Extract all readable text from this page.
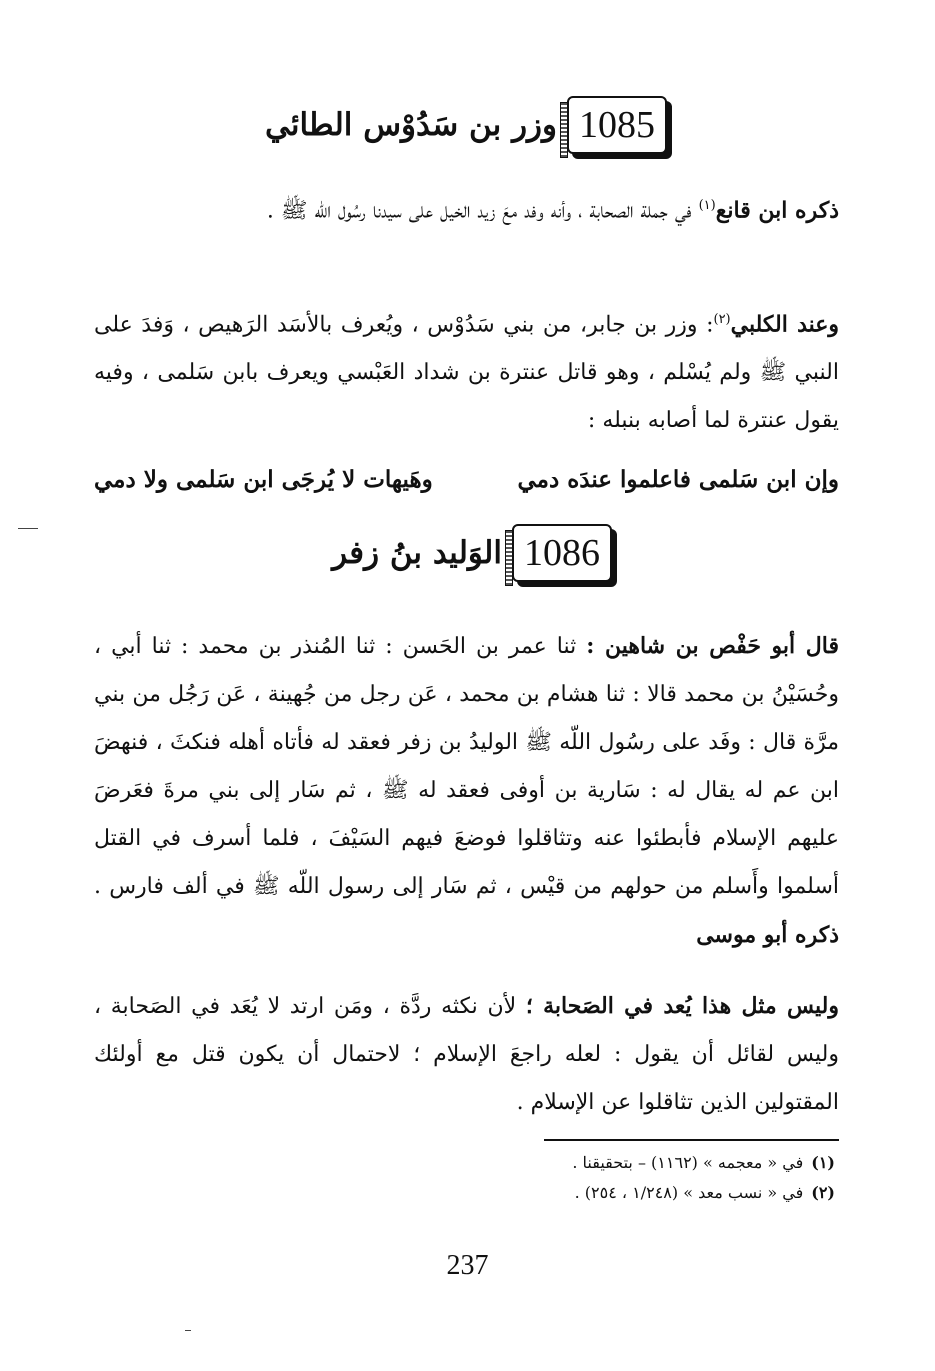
1085
وزر بن سَدُوْس الطائي
ذكره ابن قانع$^{(١)}$ في جملة الصحابة ، وأنه وفد معَ زيد الخيل على سيدنا رسُول اللّه ﷺ .
وعند الكلبي$^{(٢)}$: وزر بن جابر، من بني سَدُوْس ، ويُعرف بالأسَد الرَهيص ، وَفدَ على النبي ﷺ ولم يُسْلم ، وهو قاتل عنترة بن شداد العَبْسي ويعرف بابن سَلمى ، وفيه يقول عنترة لما أصابه بنبله :
وإن ابن سَلمى فاعلموا عندَه دمي
وهَيهات لا يُرجَى ابن سَلمى ولا دمي
1086
الوَليد بنُ زفر
قال أبو حَفْص بن شاهين : ثنا عمر بن الحَسن : ثنا المُنذر بن محمد : ثنا أبي ، وحُسَيْنُ بن محمد قالا : ثنا هشام بن محمد ، عَن رجل من جُهينة ، عَن رَجُل من بني مرَّة قال : وفَد على رسُول اللّه ﷺ الوليدُ بن زفر فعقد له فأتاه أهله فنكثَ ، فنهضَ ابن عم له يقال له : سَارية بن أوفى فعقد له ﷺ ، ثم سَار إلى بني مرةَ فعَرضَ عليهم الإسلام فأبطئوا عنه وتثاقلوا فوضعَ فيهم السَيْفَ ، فلما أسرف في القتل أسلموا وأَسلم من حولهم من قيْس ، ثم سَار إلى رسول اللّه ﷺ في ألف فارس . ذكره أبو موسى
وليس مثل هذا يُعد في الصَحابة ؛ لأن نكثه ردَّة ، ومَن ارتد لا يُعَد في الصَحابة ، وليس لقائل أن يقول : لعله راجعَ الإسلام ؛ لاحتمال أن يكون قتل مع أولئك المقتولين الذين تثاقلوا عن الإسلام .
(١)في « معجمه » (١١٦٢) – بتحقيقنا .
(٢)في « نسب معد » (١/٢٤٨ ، ٢٥٤) .
237
